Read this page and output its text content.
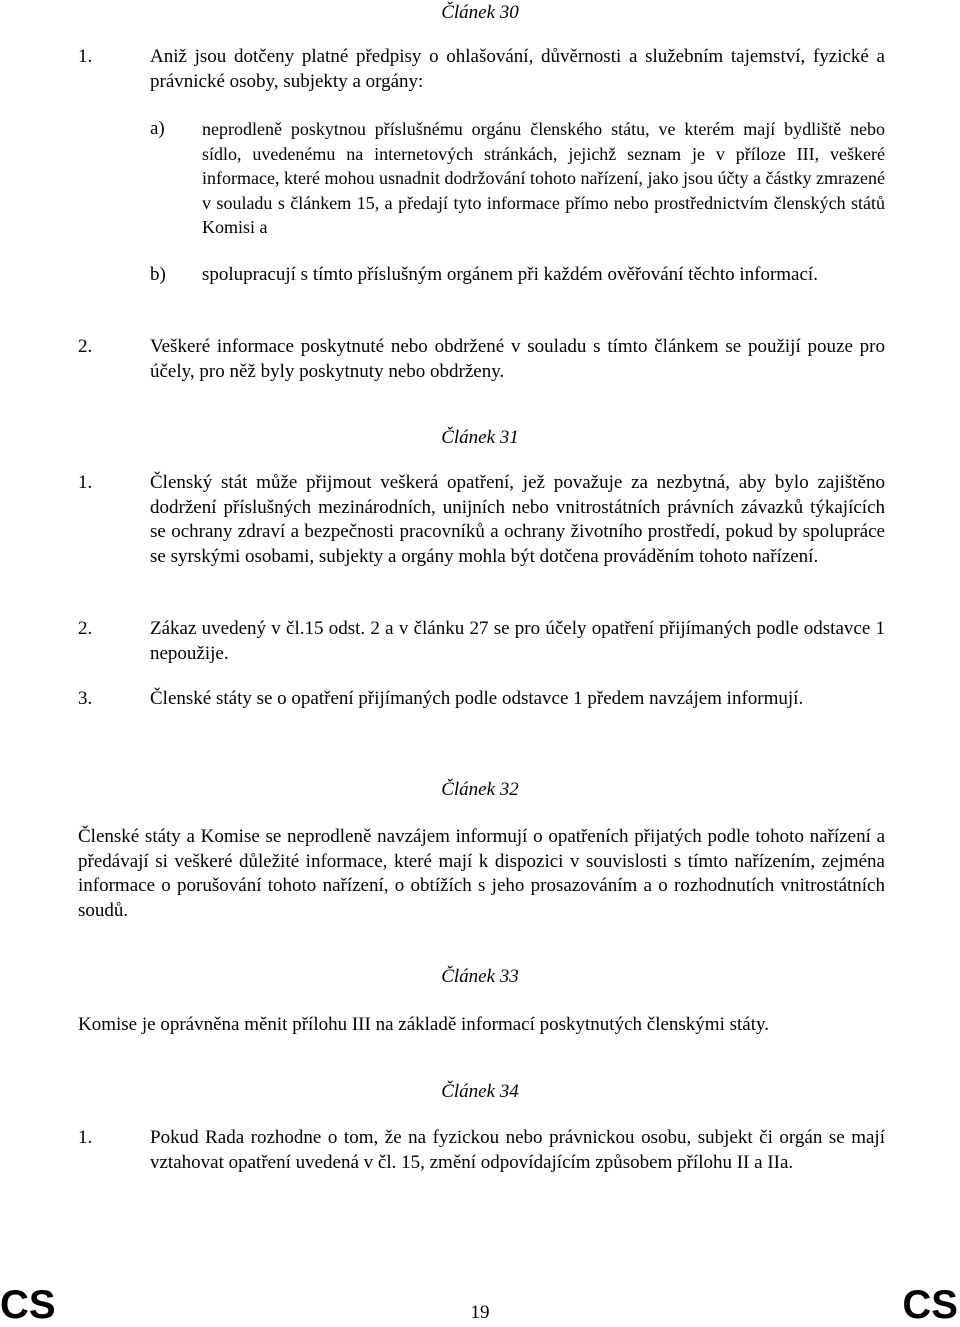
Článek 30
1.	Aniž jsou dotčeny platné předpisy o ohlašování, důvěrnosti a služebním tajemství, fyzické a právnické osoby, subjekty a orgány:
a) neprodleně poskytnou příslušnému orgánu členského státu, ve kterém mají bydliště nebo sídlo, uvedenému na internetových stránkách, jejichž seznam je v příloze III, veškeré informace, které mohou usnadnit dodržování tohoto nařízení, jako jsou účty a částky zmrazené v souladu s článkem 15, a předají tyto informace přímo nebo prostřednictvím členských států Komisi a
b) spolupracují s tímto příslušným orgánem při každém ověřování těchto informací.
2.	Veškeré informace poskytnuté nebo obdržené v souladu s tímto článkem se použijí pouze pro účely, pro něž byly poskytnuty nebo obdrženy.
Článek 31
1.	Členský stát může přijmout veškerá opatření, jež považuje za nezbytná, aby bylo zajištěno dodržení příslušných mezinárodních, unijních nebo vnitrostátních právních závazků týkajících se ochrany zdraví a bezpečnosti pracovníků a ochrany životního prostředí, pokud by spolupráce se syrskými osobami, subjekty a orgány mohla být dotčena prováděním tohoto nařízení.
2.	Zákaz uvedený v čl.15 odst. 2 a v článku 27 se pro účely opatření přijímaných podle odstavce 1 nepoužije.
3.	Členské státy se o opatření přijímaných podle odstavce 1 předem navzájem informují.
Článek 32
Členské státy a Komise se neprodleně navzájem informují o opatřeních přijatých podle tohoto nařízení a předávají si veškeré důležité informace, které mají k dispozici v souvislosti s tímto nařízením, zejména informace o porušování tohoto nařízení, o obtížích s jeho prosazováním a o rozhodnutích vnitrostátních soudů.
Článek 33
Komise je oprávněna měnit přílohu III na základě informací poskytnutých členskými státy.
Článek 34
1.	Pokud Rada rozhodne o tom, že na fyzickou nebo právnickou osobu, subjekt či orgán se mají vztahovat opatření uvedená v čl. 15, změní odpovídajícím způsobem přílohu II a IIa.
CS	19	CS
